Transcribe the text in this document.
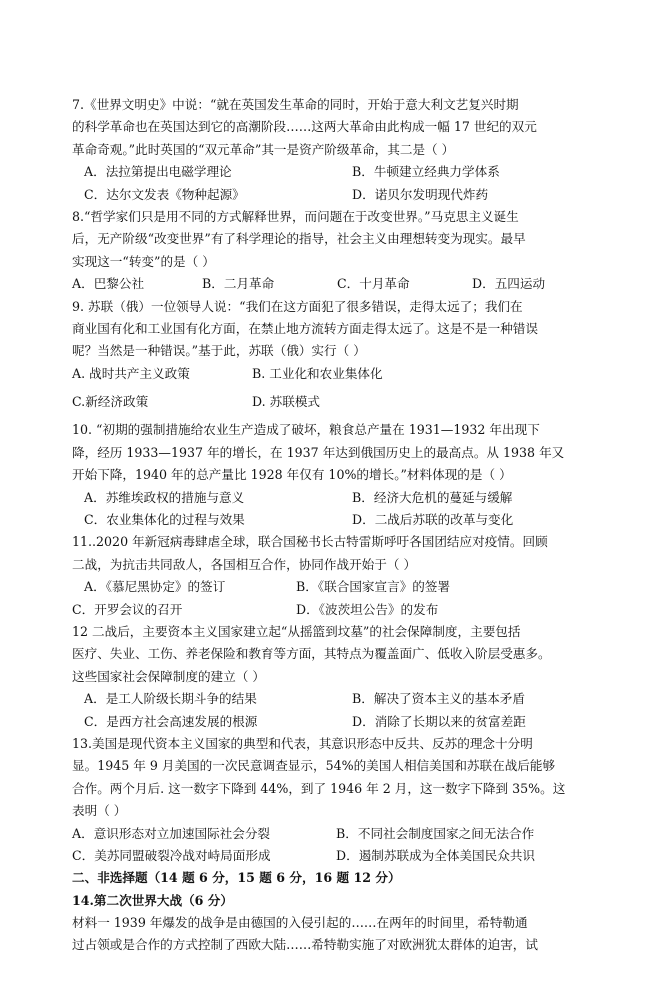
7.《世界文明史》中说：“就在英国发生革命的同时，开始于意大利文艺复兴时期
的科学革命也在英国达到它的高潮阶段……这两大革命由此构成一幅 17 世纪的双元
革命奇观。”此时英国的“双元革命”其一是资产阶级革命，其二是（ ）
A．法拉第提出电磁学理论	B．牛顿建立经典力学体系
C．达尔文发表《物种起源》	D．诺贝尔发明现代炸药
8.“哲学家们只是用不同的方式解释世界，而问题在于改变世界。”马克思主义诞生
后，无产阶级“改变世界”有了科学理论的指导，社会主义由理想转变为现实。最早
实现这一“转变”的是（ ）
A．巴黎公社	B．二月革命	C．十月革命	D．五四运动
9. 苏联（俄）一位领导人说：“我们在这方面犯了很多错误，走得太远了；我们在
商业国有化和工业国有化方面，在禁止地方流转方面走得太远了。这是不是一种错误
呢？当然是一种错误。”基于此，苏联（俄）实行（ ）
A. 战时共产主义政策	B. 工业化和农业集体化
C.新经济政策	D. 苏联模式
10. “初期的强制措施给农业生产造成了破坏，粮食总产量在 1931—1932 年出现下
降，经历 1933—1937 年的增长，在 1937 年达到俄国历史上的最高点。从 1938 年又
开始下降，1940 年的总产量比 1928 年仅有 10%的增长。”材料体现的是（ ）
A．苏维埃政权的措施与意义	B．经济大危机的蔓延与缓解
C．农业集体化的过程与效果	D．二战后苏联的改革与变化
11..2020 年新冠病毒肆虐全球，联合国秘书长古特雷斯呼吁各国团结应对疫情。回顾
二战，为抗击共同敌人，各国相互合作，协同作战开始于（ ）
A．《慕尼黑协定》的签订	B．《联合国家宣言》的签署
C．开罗会议的召开	D．《波茨坦公告》的发布
12 二战后，主要资本主义国家建立起“从摇篮到坟墓”的社会保障制度，主要包括
医疗、失业、工伤、养老保险和教育等方面，其特点为覆盖面广、低收入阶层受惠多。
这些国家社会保障制度的建立（ ）
A．是工人阶级长期斗争的结果	B．解决了资本主义的基本矛盾
C．是西方社会高速发展的根源	D．消除了长期以来的贫富差距
13.美国是现代资本主义国家的典型和代表，其意识形态中反共、反苏的理念十分明
显。1945 年 9 月美国的一次民意调查显示，54%的美国人相信美国和苏联在战后能够
合作。两个月后. 这一数字下降到 44%，到了 1946 年 2 月，这一数字下降到 35%。这
表明（ ）
A．意识形态对立加速国际社会分裂	B．不同社会制度国家之间无法合作
C．美苏同盟破裂冷战对峙局面形成	D．遏制苏联成为全体美国民众共识
二、非选择题（14 题 6 分，15 题 6 分，16 题 12 分）
14.第二次世界大战（6 分）
材料一 1939 年爆发的战争是由德国的入侵引起的……在两年的时间里，希特勒通
过占领或是合作的方式控制了西欧大陆……希特勒实施了对欧洲犹太群体的迫害，试
